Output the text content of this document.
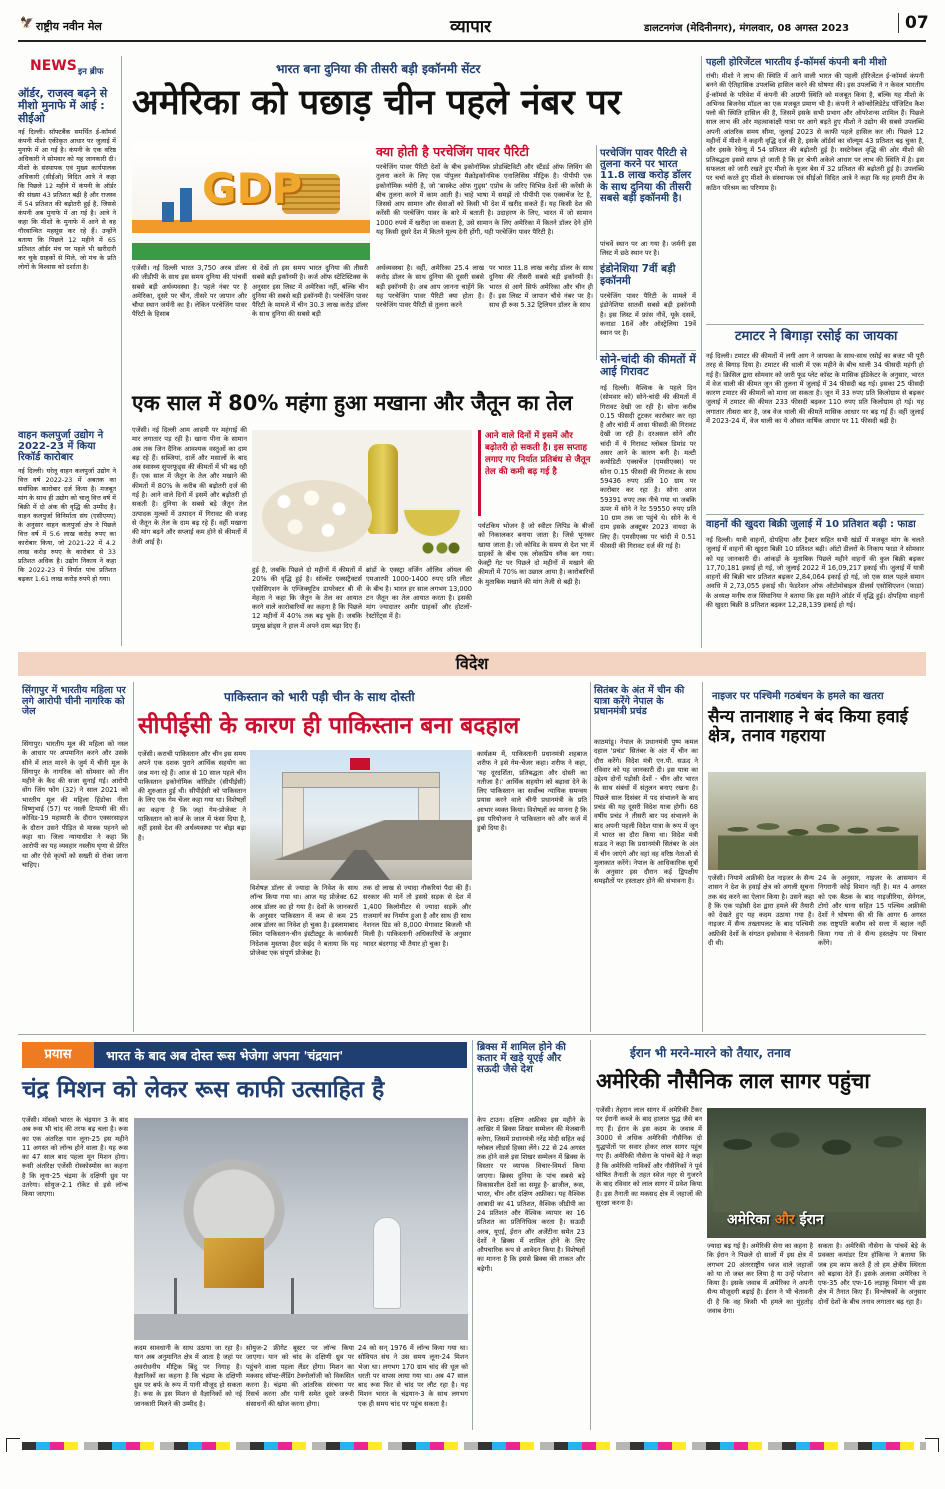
🦅 राष्ट्रीय नवीन मेल	व्यापार	डालटनगंज (मेदिनीनगर), मंगलवार, 08 अगस्त 2023	07
NEWS इन ब्रीफ
ऑर्डर, राजस्व बढ़ने से मीशो मुनाफे में आई : सीईओ

नई दिल्ली। सॉफ्टबैंक समर्थित ई-कॉमर्स कंपनी मीशो एकीकृत आधार पर जुलाई में मुनाफे में आ गई है। कंपनी के एक वरिष्ठ अधिकारी ने सोमवार को यह जानकारी दी। मीशो के संस्थापक एवं मुख्य कार्यपालक अधिकारी (सीईओ) विदित आत्रे ने कहा कि पिछले 12 महीने में कंपनी के ऑर्डर की संख्या 43 प्रतिशत बढ़ी है और राजस्व में 54 प्रतिशत की बढ़ोतरी हुई है, जिससे कंपनी अब मुनाफे में आ गई है। आत्रे ने कहा कि मीशो के मुनाफे में आने से वह गौरवान्वित महसूस कर रहे हैं। उन्होंने बताया कि पिछले 12 महीने में 65 प्रतिशत ऑर्डर मंच पर पहले भी खरीदारी कर चुके ग्राहकों से मिले, जो मंच के प्रति लोगों के विश्वास को दर्शाता है।

वाहन कलपुर्जा उद्योग ने 2022-23 में किया रिकॉर्ड कारोबार

नई दिल्ली। घरेलू वाहन कलपुर्जा उद्योग ने वित्त वर्ष 2022-23 में अबतक का सर्वाधिक कारोबार दर्ज किया है। मजबूत मांग के साथ ही उद्योग को चालू वित्त वर्ष में बिक्री में दो अंक की वृद्धि की उम्मीद है। वाहन कलपुर्जा विनिर्माता संघ (एसीएमए) के अनुसार वाहन कलपुर्जा क्षेत्र ने पिछले वित्त वर्ष में 5.6 लाख करोड़ रुपए का कारोबार किया, जो 2021-22 में 4.2 लाख करोड़ रुपए के कारोबार से 33 प्रतिशत अधिक है। उद्योग निकाय ने कहा कि 2022-23 में निर्यात पांच प्रतिशत बढ़कर 1.61 लाख करोड़ रुपये हो गया।

भारत बना दुनिया की तीसरी बड़ी इकॉनमी सेंटर
अमेरिका को पछाड़ चीन पहले नंबर पर
GDP
क्या होती है परचेजिंग पावर पैरिटी

परचेजिंग पावर पैरिटी देशों के बीच इकोनॉमिक प्रोडक्टिविटी और स्टैंडर्ड ऑफ लिविंग की तुलना करने के लिए एक पॉपुलर मैक्रोइकॉनमिक एनालिसिस मीट्रिक है। पीपीपी एक इकोनॉमिक थ्योरी है, जो 'बास्केट ऑफ गुड्स' एप्रोच के जरिए विभिन्न देशों की करेंसी के बीच तुलना करने में काम आती है। चाहे भाषा में समझें तो पीपीपी एक एक्सचेंज रेट है, जिससे आप सामान और सेवाओं को किसी भी देश में खरीद सकते हैं। यह किसी देश की करेंसी की परचेजिंग पावर के बारे में बताती है। उदाहरण के लिए, भारत में जो सामान 1000 रुपये में खरीदा जा सकता है, उसे सामान के लिए अमेरिका में कितने डॉलर देने होंगे यह किसी दूसरे देश में कितने मूल्य देनी होंगी, यही परचेजिंग पावर पैरिटी है।

एजेंसी। नई दिल्ली भारत 3,750 अरब डॉलर की जीडीपी के साथ इस समय दुनिया की पांचवीं सबसे बड़ी अर्थव्यवस्था है। पहले नंबर पर है अमेरिका, दूसरे पर चीन, तीसरे पर जापान और चौथा स्थान जर्मनी का है। लेकिन परचेजिंग पावर पैरिटी के हिसाब

से देखें तो इस समय भारत दुनिया की तीसरी सबसे बड़ी इकॉनमी है। कर्ज ऑफ स्टेटिस्टिक्स के अनुसार इस लिस्ट में अमेरिका नहीं, बल्कि चीन दुनिया की सबसे बड़ी इकॉनमी है। परचेजिंग पावर पैरिटी के मामले में चीन 30.3 लाख करोड़ डॉलर के साथ दुनिया की सबसे बड़ी

अर्थव्यवस्था है। वहीं, अमेरिका 25.4 लाख करोड़ डॉलर के साथ दुनिया की दूसरी सबसे बड़ी इकॉनमी है। अब आप जानना चाहेंगे कि यह परचेजिंग पावर पैरिटी क्या होता है। परचेजिंग पावर पैरिटी से तुलना करने

पर भारत 11.8 लाख करोड़ डॉलर के साथ दुनिया की तीसरी सबसे बड़ी इकॉनमी है। भारत से आगे सिर्फ अमेरिका और चीन ही हैं। इस लिस्ट में जापान चौथे नंबर पर है। साथ ही रूस 5.32 ट्रिलियन डॉलर के साथ

परचेजिंग पावर पैरिटी से तुलना करने पर भारत 11.8 लाख करोड़ डॉलर के साथ दुनिया की तीसरी सबसे बड़ी इकॉनमी है।

पांचवें स्थान पर आ गया है। जर्मनी इस लिस्ट में छठे स्थान पर है।

इंडोनेशिया 7वीं बड़ी इकॉनमी

परचेजिंग पावर पैरिटी के मामले में इंडोनेशिया सातवीं सबसे बड़ी इकॉनमी है। इस लिस्ट में फ्रांस नौवें, यूके दसवें, कनाडा 16वें और ऑस्ट्रेलिया 19वें स्थान पर है।

सोने-चांदी की कीमतों में आई गिरावट

नई दिल्ली। वैश्विक के पहले दिन (सोमवार को) सोने-चांदी की कीमतों में गिरावट देखी जा रही है। सोना करीब 0.15 फीसदी टूटकर कारोबार कर रहा है और चांदी में आधा फीसदी की गिरावट देखी जा रही है। दरअसल सोने और चांदी में ये गिरावट ग्लोबल डिमांड पर असर आने के कारण बनी है। मल्टी कमोडिटी एक्सचेंज (एमसीएक्स) पर सोना 0.15 फीसदी की गिरावट के साथ 59436 रुपए प्रति 10 ग्राम पर कारोबार कर रहा है। सोना आज 59391 रुपए तक नीचे गया था जबकि ऊपर में सोने ने रेट 59550 रुपए प्रति 10 ग्राम तक जा पहुंचे थे। सोने के ये दाम इसके अक्टूबर 2023 वायदा के लिए हैं। एमसीएक्स पर चांदी में 0.51 फीसदी की गिरावट दर्ज की गई है।

एक साल में 80% महंगा हुआ मखाना और जैतून का तेल

एजेंसी। नई दिल्ली आम आदमी पर महंगाई की मार लगातार पड़ रही है। खाना पीना के सामान अब तक जिन दैनिक आवश्यक वस्तुओं का दाम बढ़ रहे हैं। सब्जियां, दालें और मसालों के बाद अब स्वास्थ्य सुपरफूड्स की कीमतों में भी बढ़ रही हैं। एक साल में जैतून के तेल और मखाने की कीमतों में 80% के करीब की बढ़ोतरी दर्ज की गई है। आने वाले दिनों में इसमें और बढ़ोतरी हो सकती है। दुनिया के सबसे बड़े जैतून तेल उत्पादक मुल्कों में उत्पादन में गिरावट की वजह से जैतून के तेल के दाम बढ़ रहे हैं। वहीं मखाना की मांग बढ़ने और सप्लाई कम होने से कीमतों में तेजी आई है।

हुई है, जबकि पिछले दो महीनों में कीमतों में 20% की वृद्धि हुई है। सॉल्वेंट एक्सट्रैक्टर्स एसोसिएशन के एग्जिक्यूटिव डायरेक्टर बी वी मेहता ने कहा कि जैतून के तेल का आयात करने वाले कारोबारियों का कहना है कि पिछले 12 महीनों में 40% तक बढ़ चुके हैं। जबकि प्रमुख ब्रांड्स ने हाल में अपने दाम बढ़ा दिए हैं।

ब्रांडों के एक्स्ट्रा वर्जिन ऑलिव ऑयल की एमआरपी 1000-1400 रुपए प्रति लीटर के बीच है। भारत हर साल लगभग 13,000 टन जैतून का तेल आयात करता है। इसकी मांग ज्यादातर अमीर ग्राहकों और होटलों-रेस्टोरेंट्स में है।

आने वाले दिनों में इसमें और बढ़ोतरी हो सकती है। इस सप्ताह लगाए गए निर्यात प्रतिबंध से जैतून तेल की कमी बढ़ गई है

पर्यटकिय भोजन है जो स्वीटर लिपिड के बीजों को निकालकर बनाया जाता है। जिसे भूनकर खाया जाता है। जो कोविड के समय से देश भर में ग्राहकों के बीच एक लोकप्रिय स्नैक बन गया। फेक्ट्री गेट पर पिछले दो महीनों में मखाने की कीमतों में 70% का उछाल आया है। कारोबारियों के मुताबिक मखाने की मांग तेजी से बढ़ी है।

पहली होरिजेंटल भारतीय ई-कॉमर्स कंपनी बनी मीशो

रांची। मीशो ने लाभ की स्थिति में आने वाली भारत की पहली होरिजेंटल ई-कॉमर्स कंपनी बनने की ऐतिहासिक उपलब्धि हासिल करने की घोषणा की। इस उपलब्धि ने न केवल भारतीय ई-कॉमर्स के परिवेश में कंपनी की अग्रणी स्थिति को मजबूत किया है, बल्कि यह मीशो के अभिनव बिजनेस मॉडल का एक मजबूत प्रमाण भी है। कंपनी ने कॉन्सोलिडेटेड पॉजिटिव कैश फ्लो की स्थिति हासिल की है, जिसमें इसके सभी प्रभाग और ऑपरेशन्स शामिल हैं। पिछले साल लाभ की ओर महत्वाकांक्षी यात्रा पर आगे बढ़ते हुए मीशो ने उद्योग की सबसे उपलब्धि अपनी आंतरिक समय सीमा, जुलाई 2023 से काफी पहले हासिल कर ली। पिछले 12 महीनों में मीशो ने कहनी वृद्धि दर्ज की है, इसके ऑर्डर्स का वॉल्यूम 43 प्रतिशत बढ़ चुका है, और इसके रेवेन्यू में 54 प्रतिशत की बढ़ोतरी हुई है। सस्टेनेबल वृद्धि की ओर मीशो की प्रतिबद्धता इससे साफ हो जाती है कि हर श्रेणी अकेले आधार पर लाभ की स्थिति में है। इस सफलता को जारी रखते हुए मीशो के यूजर बेस में 32 प्रतिशत की बढ़ोतरी हुई है। उपलब्धि पर चर्चा करते हुए मीशो के संस्थापक एवं सीईओ विदित आत्रे ने कहा कि यह हमारी टीम के कठिन परिश्रम का परिणाम है।

टमाटर ने बिगाड़ा रसोई का जायका

नई दिल्ली। टमाटर की कीमतों में लगी आग ने जायका के साथ-साथ रसोई का बजट भी पूरी तरह से बिगाड़ दिया है। टमाटर की थाली में एक महीने के बीच थाली 34 फीसदी महंगी हो गई है। क्रिसिल द्वारा सोमवार को जारी फूड प्लेट कॉस्ट के मासिक इंडिकेटर के अनुसार, भारत में वेज थाली की कीमत जून की तुलना में जुलाई में 34 फीसदी बढ़ गई। इसका 25 फीसदी कारण टमाटर की कीमतों को माना जा सकता है। जून में 33 रुपए प्रति किलोग्राम से बढ़कर जुलाई में टमाटर की कीमत 233 फीसदी बढ़कर 110 रुपए प्रति किलोग्राम हो गई। यह लगातार तीसरा बार है, जब वेज थाली की कीमतें मासिक आधार पर बढ़ गई हैं। वहीं जुलाई में 2023-24 में, वेज थाली का ये औसत वार्षिक आधार पर 11 फीसदी बढ़ी है।

वाहनों की खुदरा बिक्री जुलाई में 10 प्रतिशत बढ़ी : फाडा

नई दिल्ली। यात्री वाहनों, दोपहिया और ट्रैक्टर सहित सभी खंडों में मजबूत मांग के चलते जुलाई में वाहनों की खुदरा बिक्री 10 प्रतिशत बढ़ी। ऑटो डीलरों के निकाय फाडा ने सोमवार को यह जानकारी दी। आंकड़ों के मुताबिक पिछले महीने वाहनों की कुल बिक्री बढ़कर 17,70,181 इकाई हो गई, जो जुलाई 2022 में 16,09,217 इकाई थी। जुलाई में यात्री वाहनों की बिक्री चार प्रतिशत बढ़कर 2,84,064 इकाई हो गई, जो एक साल पहले समान अवधि में 2,73,055 इकाई थी। फेडरेशन ऑफ ऑटोमोबाइल डीलर्स एसोसिएशन (फाडा) के अध्यक्ष मनीष राज सिंघानिया ने बताया कि इस महीने ऑर्डर में वृद्धि हुई। दोपहिया वाहनों की खुदरा बिक्री 8 प्रतिशत बढ़कर 12,28,139 इकाई हो गई।

विदेश
सिंगापुर में भारतीय महिला पर लगे आरोपी चीनी नागरिक को जेल

सिंगापुर। भारतीय मूल की महिला को नस्ल के आधार पर अपमानित करने और उसके सीने में लात मारने के जुर्म में चीनी मूल के सिंगापुर के नागरिक को सोमवार को तीन महीने के कैद की सजा सुनाई गई। आरोपी वोंग जिंग फोंग (32) ने साल 2021 को भारतीय मूल की महिला हिंडोचा नीता विष्णुभाई (57) पर नस्ली टिप्पणी की थी। कोविड-19 महामारी के दौरान एक्सरसाइज के दौरान उसने पीड़ित से मास्क पहनने को कहा था। जिला न्यायाधीश ने कहा कि आरोपी का यह व्यवहार नस्लीय घृणा से प्रेरित था और ऐसे कृत्यों को सख्ती से रोका जाना चाहिए।

पाकिस्तान को भारी पड़ी चीन के साथ दोस्ती
सीपीईसी के कारण ही पाकिस्तान बना बदहाल

एजेंसी। कराची पाकिस्तान और चीन इस समय अपने एक दशक पुराने आर्थिक सहयोग का जश्न मना रहे हैं। आज से 10 साल पहले चीन पाकिस्तान इकोनॉमिक कॉरिडोर (सीपीईसी) की शुरुआत हुई थी। सीपीईसी को पाकिस्तान के लिए एक गेम चेंजर कहा गया था। विशेषज्ञों का कहना है कि जहां गेम-प्रोजेक्ट ने पाकिस्तान को कर्ज के जाल में फंसा दिया है, वहीं इससे देश की अर्थव्यवस्था पर बोझ बढ़ा है।

विशेषज्ञ डॉलर से ज्यादा के निवेश के साथ लॉन्च किया गया था। आज यह प्रोजेक्ट 62 अरब डॉलर का हो गया है। देशों के जानकारों के अनुसार पाकिस्तान में कम से कम 25 अरब डॉलर का निवेश हो चुका है। इस्लामाबाद स्थित पाकिस्तान-चीन इंस्टीट्यूट के कार्यकारी निदेशक मुस्तफा हैदर सईद ने बताया कि यह प्रोजेक्ट एक संपूर्ण प्रोजेक्ट है।

तक दो लाख से ज्यादा नौकरियां पैदा की हैं। सरकार की मानें तो इससे सड़क से देश में 1,400 किलोमीटर से ज्यादा सड़कें और राजमार्ग का निर्माण हुआ है और साथ ही साथ नेशनल ग्रिड को 8,000 मेगावाट बिजली भी मिली है। पाकिस्तानी अधिकारियों के अनुसार ग्वादर बंदरगाह भी तैयार हो चुका है।

कार्यक्रम में, पाकिस्तानी प्रधानमंत्री शहबाज शरीफ ने इसे गेम-चेंजर कहा। शरीफ ने कहा, 'यह दूरदर्शिता, प्रतिबद्धता और दोस्ती का नतीजा है।' आर्थिक सहयोग को बढ़ावा देने के लिए पाकिस्तान का सर्वोच्च न्यायिक समन्वय प्रयास करने वाले चीनी प्रधानमंत्री के प्रति आभार व्यक्त किया। विशेषज्ञों का मानना है कि इस परियोजना ने पाकिस्तान को और कर्ज में डुबो दिया है।

सितंबर के अंत में चीन की यात्रा करेंगे नेपाल के प्रधानमंत्री प्रचंड

काठमांडू। नेपाल के प्रधानमंत्री पुष्प कमल दहाल 'प्रचंड' सितंबर के अंत में चीन का दौरा करेंगे। विदेश मंत्री एन.पी. सऊद ने रविवार को यह जानकारी दी। इस यात्रा का उद्देश्य दोनों पड़ोसी देशों - चीन और भारत के साथ संबंधों में संतुलन बनाए रखना है। पिछले साल दिसंबर में पद संभालने के बाद प्रचंड की यह दूसरी विदेश यात्रा होगी। 68 वर्षीय प्रचंड ने तीसरी बार पद संभालने के बाद अपनी पहली विदेश यात्रा के रूप में जून में भारत का दौरा किया था। विदेश मंत्री सऊद ने कहा कि प्रधानमंत्री सितंबर के अंत में चीन जाएंगे और वहां वह वरिष्ठ नेताओं से मुलाकात करेंगे। नेपाल के आधिकारिक सूत्रों के अनुसार इस दौरान कई द्विपक्षीय समझौतों पर हस्ताक्षर होने की संभावना है।

नाइजर पर पश्चिमी गठबंधन के हमले का खतरा
सैन्य तानाशाह ने बंद किया हवाई क्षेत्र, तनाव गहराया

एजेंसी। नियामे अफ्रीकी देश नाइजर के सैन्य शासन ने देश के हवाई क्षेत्र को अगली सूचना तक बंद करने का ऐलान किया है। उसने कहा है कि एक पड़ोसी देश द्वारा हमले की तैयारी को देखते हुए यह कदम उठाया गया है। नाइजर में सैन्य तख्तापलट के बाद पश्चिमी अफ्रीकी देशों के संगठन इकोवास ने चेतावनी दी थी।

24 के अनुसार, नाइजर के आसमान में निगरानी कोई विमान नहीं है। मत 4 अगस्त को एक बैठक के बाद नाइजीरिया, सेनेगल, टोगो और घाना सहित 15 पश्चिम अफ्रीकी देशों ने घोषणा की थी कि आगर 6 अगस्त तक राष्ट्रपति बजौम को सत्ता में बहाल नहीं किया गया तो वे सैन्य हस्तक्षेप पर विचार करेंगे।

प्रयास	भारत के बाद अब दोस्त रूस भेजेगा अपना 'चंद्रयान'
चंद्र मिशन को लेकर रूस काफी उत्साहित है

एजेंसी। मॉस्को भारत के चंद्रयान 3 के बाद अब रूस भी चांद की तरफ बढ़ चला है। रूस का एक अंतरिक्ष यान लूना-25 इस महीने 11 अगस्त को लॉन्च होने वाला है। यह रूस का 47 साल बाद पहला मून मिशन होगा। रूसी अंतरिक्ष एजेंसी रोस्कोस्मोस का कहना है कि लूना-25 चंद्रमा के दक्षिणी ध्रुव पर उतरेगा। सोयुज-2.1 रॉकेट से इसे लॉन्च किया जाएगा।

कदम सावधानी के साथ उठाया जा रहा है। यान अब अनुमानित क्षेत्र में आता है जहां पर अवरोधनीय मीट्रिक बिंदु पर निगाह है। वैज्ञानिकों का कहना है कि चंद्रमा के दक्षिणी ध्रुव पर बर्फ के रूप में पानी मौजूद हो सकता है। रूस के इस मिशन से वैज्ञानिकों को नई जानकारी मिलने की उम्मीद है।

सोयुज-2 फ्रीगेट बूस्टर पर लॉन्च किया जाएगा। यान को चांद के दक्षिणी ध्रुव पर पहुंचने वाला पहला लैंडर होगा। मिशन का मकसद सॉफ्ट-लैंडिंग टेक्नोलॉजी को विकसित करना है। चंद्रमा की आंतरिक संरचना पर रिसर्च करना और पानी समेत दूसरे जरूरी संसाधनों की खोज करना होगा।

24 को सन् 1976 में लॉन्च किया गया था। सोवियत संघ ने उस समय लूना-24 मिशन भेजा था। लगभग 170 ग्राम चांद की धूल को धरती पर वापस लाया गया था। अब 47 साल बाद रूस फिर से चांद पर लौट रहा है। यह मिशन भारत के चंद्रयान-3 के साथ लगभग एक ही समय चांद पर पहुंच सकता है।

ब्रिक्स में शामिल होने की कतार में खड़े यूएई और सऊदी जैसे देश

केप टाउन। दक्षिण अफ्रीका इस महीने के आखिर में ब्रिक्स शिखर सम्मेलन की मेजबानी करेगा, जिसमें प्रधानमंत्री नरेंद्र मोदी सहित कई ग्लोबल लीडर्स हिस्सा लेंगे। 22 से 24 अगस्त तक होने वाले इस शिखर सम्मेलन में ब्रिक्स के विस्तार पर व्यापक विचार-विमर्श किया जाएगा। ब्रिक्स दुनिया के पांच सबसे बड़े विकासशील देशों का समूह है- ब्राजील, रूस, भारत, चीन और दक्षिण अफ्रीका। यह वैश्विक आबादी का 41 प्रतिशत, वैश्विक जीडीपी का 24 प्रतिशत और वैश्विक व्यापार का 16 प्रतिशत का प्रतिनिधित्व करता है। सऊदी अरब, यूएई, ईरान और अर्जेंटीना समेत 23 देशों ने ब्रिक्स में शामिल होने के लिए औपचारिक रूप से आवेदन किया है। विशेषज्ञों का मानना है कि इससे ब्रिक्स की ताकत और बढ़ेगी।

ईरान भी मरने-मारने को तैयार, तनाव
अमेरिकी नौसैनिक लाल सागर पहुंचा

एजेंसी। तेहरान लाल सागर में अमेरिकी टैंकर पर ईरानी कब्जे के बाद हालात युद्ध जैसे बन गए हैं। ईरान के इस कदम के जवाब में 3000 से अधिक अमेरिकी नौसैनिक दो युद्धपोतों पर सवार होकर लाल सागर पहुंच गए हैं। अमेरिकी नौसेना के पांचवें बेड़े ने कहा है कि अमेरिकी नाविकों और नौसैनिकों ने पूर्व घोषित तैनाती के तहत स्वेज नहर से गुजरने के बाद रविवार को लाल सागर में प्रवेश किया है। इस तैनाती का मकसद क्षेत्र में जहाजों की सुरक्षा करना है।

अमेरिका और ईरान

ज्यादा बढ़ गई है। अमेरिकी सेना का कहना है कि ईरान ने पिछले दो सालों में इस क्षेत्र में लगभग 20 अंतरराष्ट्रीय ध्वज वाले जहाजों को या तो जब्त कर लिया है या उन्हें परेशान किया है। इसके जवाब में अमेरिका ने अपनी सैन्य मौजूदगी बढ़ाई है। ईरान ने भी चेतावनी दी है कि वह किसी भी हमले का मुंहतोड़ जवाब देगा।

सकता है। अमेरिकी नौसेना के पांचवें बेड़े के प्रवक्ता कमांडर टिम हॉकिन्स ने बताया कि जब हम काम करते हैं तो हम क्षेत्रीय स्थिरता को बढ़ावा देते हैं। इसके अलावा अमेरिका ने एफ-35 और एफ-16 लड़ाकू विमान भी इस क्षेत्र में तैनात किए हैं। विश्लेषकों के अनुसार दोनों देशों के बीच तनाव लगातार बढ़ रहा है।
